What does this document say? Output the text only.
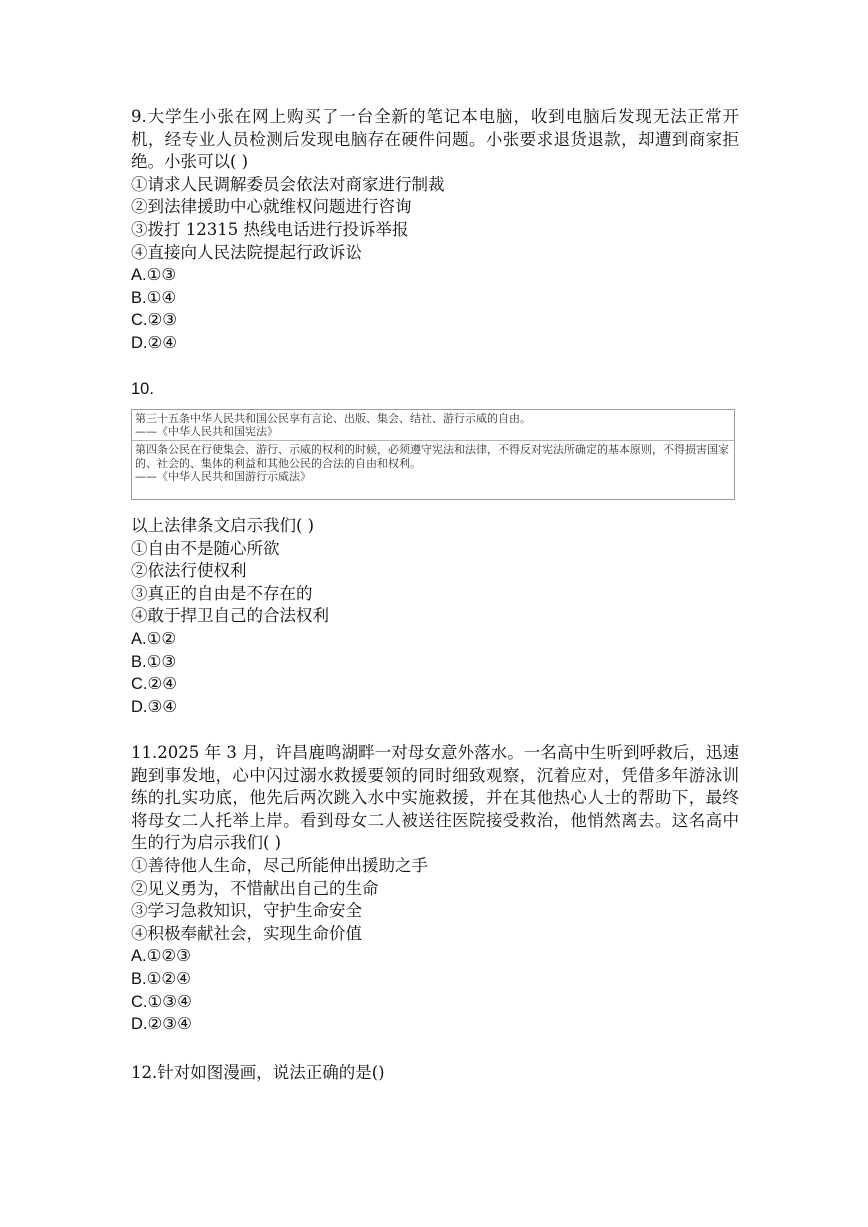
9.大学生小张在网上购买了一台全新的笔记本电脑，收到电脑后发现无法正常开机，经专业人员检测后发现电脑存在硬件问题。小张要求退货退款，却遭到商家拒绝。小张可以( )

①请求人民调解委员会依法对商家进行制裁

②到法律援助中心就维权问题进行咨询

③拨打 12315 热线电话进行投诉举报

④直接向人民法院提起行政诉讼

A.①③

B.①④

C.②③

D.②④

10.

第三十五条中华人民共和国公民享有言论、出版、集会、结社、游行示威的自由。

——《中华人民共和国宪法》

第四条公民在行使集会、游行、示威的权利的时候，必须遵守宪法和法律，不得反对宪法所确定的基本原则，不得损害国家的、社会的、集体的利益和其他公民的合法的自由和权利。

——《中华人民共和国游行示威法》

以上法律条文启示我们( )

①自由不是随心所欲

②依法行使权利

③真正的自由是不存在的

④敢于捍卫自己的合法权利

A.①②

B.①③

C.②④

D.③④

11.2025 年 3 月，许昌鹿鸣湖畔一对母女意外落水。一名高中生听到呼救后，迅速跑到事发地，心中闪过溺水救援要领的同时细致观察，沉着应对，凭借多年游泳训练的扎实功底，他先后两次跳入水中实施救援，并在其他热心人士的帮助下，最终将母女二人托举上岸。看到母女二人被送往医院接受救治，他悄然离去。这名高中生的行为启示我们( )

①善待他人生命，尽己所能伸出援助之手

②见义勇为，不惜献出自己的生命

③学习急救知识，守护生命安全

④积极奉献社会，实现生命价值

A.①②③

B.①②④

C.①③④

D.②③④

12.针对如图漫画，说法正确的是()
